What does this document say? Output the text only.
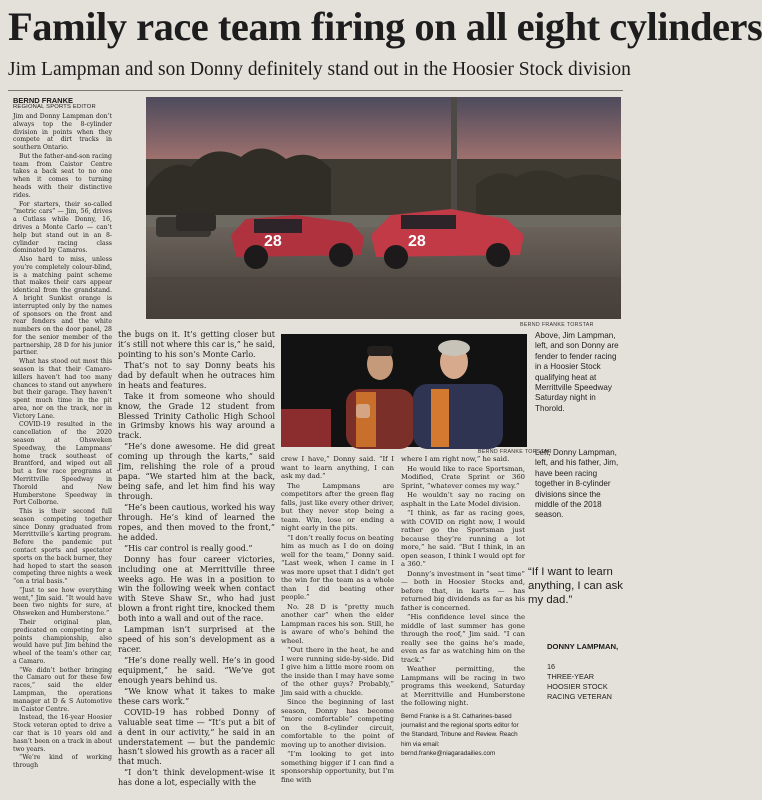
Family race team firing on all eight cylinders
Jim Lampman and son Donny definitely stand out in the Hoosier Stock division
BERND FRANKE
REGIONAL SPORTS EDITOR

Jim and Donny Lampman don’t always top the 8-cylinder division in points when they compete at dirt tracks in southern Ontario.

But the father-and-son racing team from Caistor Centre takes a back seat to no one when it comes to turning heads with their distinctive rides.

For starters, their so-called “metric cars” — Jim, 56, drives a Cutlass while Donny, 16, drives a Monte Carlo — can’t help but stand out in an 8-cylinder racing class dominated by Camaros.

Also hard to miss, unless you’re completely colour-blind, is a matching paint scheme that makes their cars appear identical from the grandstand. A bright Sunkist orange is interrupted only by the names of sponsors on the front and rear fenders and the white numbers on the door panel, 28 for the senior member of the partnership, 28 D for his junior partner.

What has stood out most this season is that their Camaro-killers haven’t had too many chances to stand out anywhere but their garage. They haven’t spent much time in the pit area, nor on the track, nor in Victory Lane.

COVID-19 resulted in the cancellation of the 2020 season at Ohsweken Speedway, the Lampmans’ home track southeast of Brantford, and wiped out all but a few race programs at Merrittville Speedway in Thorold and New Humberstone Speedway in Port Colborne.

This is their second full season competing together since Donny graduated from Merrittville’s karting program. Before the pandemic put contact sports and spectator sports on the back burner, they had hoped to start the season competing three nights a week “on a trial basis.”

“Just to see how everything went,” Jim said. “It would have been two nights for sure, at Ohsweken and Humberstone.”

Their original plan, predicated on competing for a points championship, also would have put Jim behind the wheel of the team’s other car, a Camaro.

“We didn’t bother bringing the Camaro out for these few races,” said the elder Lampman, the operations manager at D & S Automotive in Caistor Centre.

Instead, the 16-year Hoosier Stock veteran opted to drive a car that is 10 years old and hasn’t been on a track in about two years.

“We’re kind of working through

the bugs on it. It’s getting closer but it’s still not where this car is,” he said, pointing to his son’s Monte Carlo.

That’s not to say Donny beats his dad by default when he outraces him in heats and features.

Take it from someone who should know, the Grade 12 student from Blessed Trinity Catholic High School in Grimsby knows his way around a track.

“He’s done awesome. He did great coming up through the karts,” said Jim, relishing the role of a proud papa. “We started him at the back, being safe, and let him find his way through.

“He’s been cautious, worked his way through. He’s kind of learned the ropes, and then moved to the front,” he added.

“His car control is really good.”

Donny has four career victories, including one at Merrittville three weeks ago. He was in a position to win the following week when contact with Steve Shaw Sr., who had just blown a front right tire, knocked them both into a wall and out of the race.

Lampman isn’t surprised at the speed of his son’s development as a racer.

“He’s done really well. He’s in good equipment,” he said. “We’ve got enough years behind us.

“We know what it takes to make these cars work.”

COVID-19 has robbed Donny of valuable seat time — “It’s put a bit of a dent in our activity,” he said in an understatement — but the pandemic hasn’t slowed his growth as a racer all that much.

“I don’t think development-wise it has done a lot, especially with the

crew I have,” Donny said. “If I want to learn anything, I can ask my dad.”

The Lampmans are competitors after the green flag falls, just like every other driver, but they never stop being a team. Win, lose or ending a night early in the pits.

“I don’t really focus on beating him as much as I do on doing well for the team,” Donny said. “Last week, when I came in I was more upset that I didn’t get the win for the team as a whole than I did beating other people.”

No. 28 D is “pretty much another car” when the elder Lampman races his son. Still, he is aware of who’s behind the wheel.

“Out there in the heat, he and I were running side-by-side. Did I give him a little more room on the inside than I may have some of the other guys? Probably,” Jim said with a chuckle.

Since the beginning of last season, Donny has become “more comfortable” competing on the 8-cylinder circuit, comfortable to the point of moving up to another division.

“I’m looking to get into something bigger if I can find a sponsorship opportunity, but I’m fine with

where I am right now,” he said.

He would like to race Sportsman, Modified, Crate Sprint or 360 Sprint, “whatever comes my way.”

He wouldn’t say no racing on asphalt in the Late Model division.

“I think, as far as racing goes, with COVID on right now, I would rather go the Sportsman just because they’re running a lot more,” he said. “But I think, in an open season, I think I would opt for a 360.”

Donny’s investment in “seat time” — both in Hoosier Stocks and, before that, in karts — has returned big dividends as far as his father is concerned.

“His confidence level since the middle of last summer has gone through the roof,” Jim said. “I can really see the gains he’s made, even as far as watching him on the track.”

Weather permitting, the Lampmans will be racing in two programs this weekend, Saturday at Merrittville and Humberstone the following night.

28	28
BERND FRANKE TORSTAR
BERND FRANKE TORSTAR
Above, Jim Lampman, left, and son Donny are fender to fender racing in a Hoosier Stock qualifying heat at Merrittville Speedway Saturday night in Thorold.
Left, Donny Lampman, left, and his father, Jim, have been racing together in 8-cylinder divisions since the middle of the 2018 season.
“If I want to learn anything, I can ask my dad.”
DONNY LAMPMAN,
16
THREE-YEAR HOOSIER STOCK RACING VETERAN
Bernd Franke is a St. Catharines-based journalist and the regional sports editor for the Standard, Tribune and Review. Reach him via email: bernd.franke@niagaradailies.com
